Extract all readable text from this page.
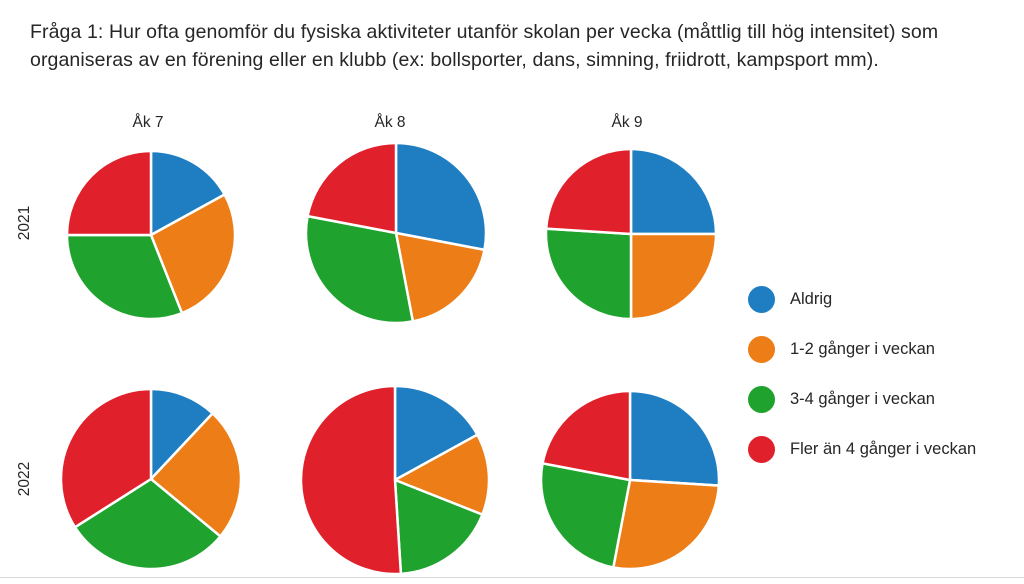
Fråga 1: Hur ofta genomför du fysiska aktiviteter utanför skolan per vecka (måttlig till hög intensitet) som organiseras av en förening eller en klubb (ex: bollsporter, dans, simning, friidrott, kampsport mm).
Åk 7	Åk 8	Åk 9
2021
2022
Aldrig
1-2 gånger i veckan
3-4 gånger i veckan
Fler än 4 gånger i veckan
